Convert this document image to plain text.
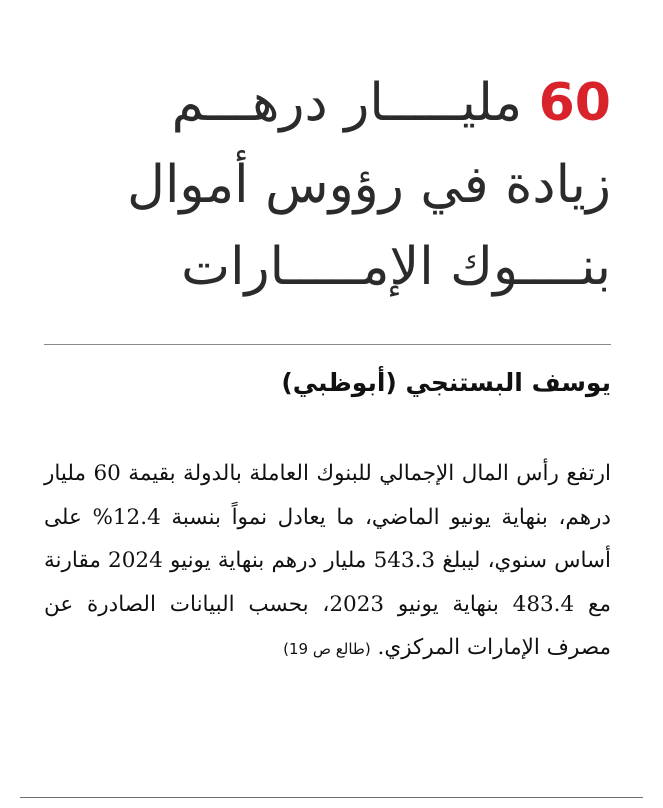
60 مليـــــار درهـــم
زيادة في رؤوس أموال
بنــــوك الإمـــــارات
يوسف البستنجي (أبوظبي)
ارتفع رأس المال الإجمالي للبنوك العاملة بالدولة بقيمة 60 مليار درهم، بنهاية يونيو الماضي، ما يعادل نمواً بنسبة 12.4% على أساس سنوي، ليبلغ 543.3 مليار درهم بنهاية يونيو 2024 مقارنة مع 483.4 بنهاية يونيو 2023، بحسب البيانات الصادرة عن مصرف الإمارات المركزي. (طالع ص 19)
